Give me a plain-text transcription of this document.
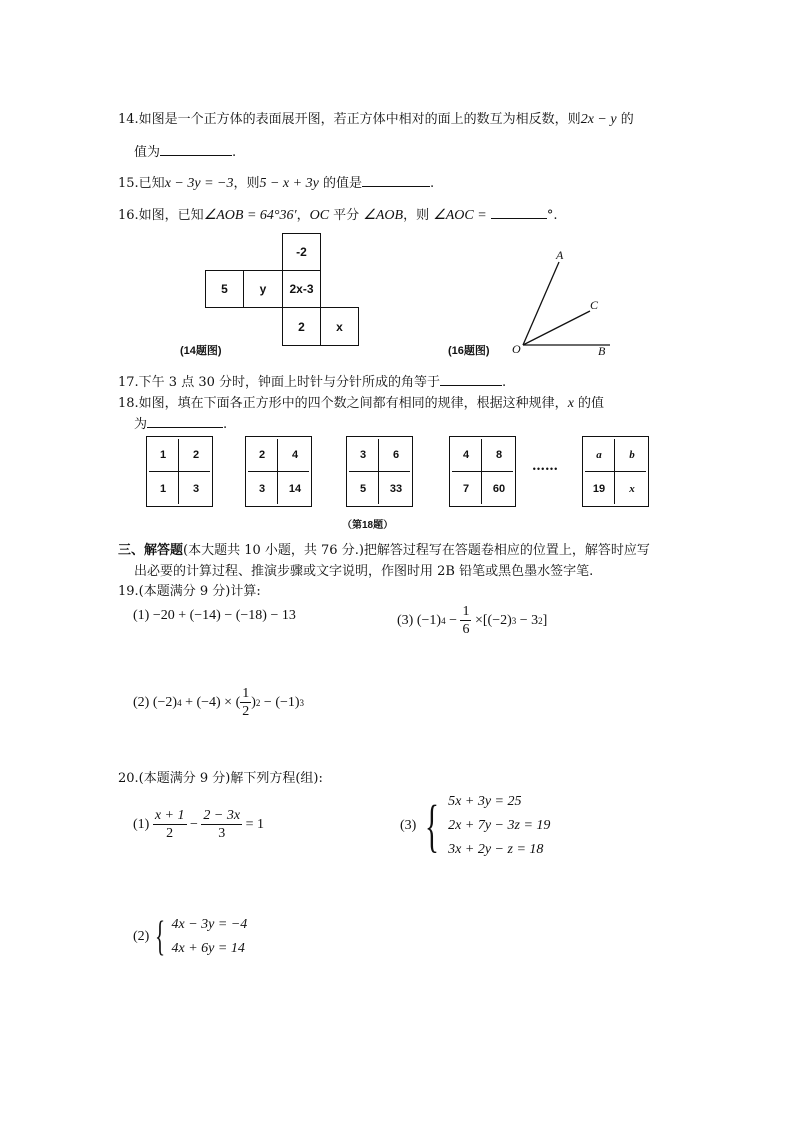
14.如图是一个正方体的表面展开图，若正方体中相对的面上的数互为相反数，则2x − y 的
值为	.
15.已知x − 3y = −3，则5 − x + 3y 的值是	.
16.如图，已知∠AOB = 64°36′，OC 平分 ∠AOB，则 ∠AOC =	°.
-2
5	y	2x-3
2	x
(14题图)
A
C
O	B
(16题图)
17.下午 3 点 30 分时，钟面上时针与分针所成的角等于	.
18.如图，填在下面各正方形中的四个数之间都有相同的规律，根据这种规律，x 的值
为	.
1	2
1	3
2	4
3	14
3	6
5	33
4	8
7	60
……
a	b
19	x
（第18题）
三、解答题(本大题共 10 小题，共 76 分.)把解答过程写在答题卷相应的位置上，解答时应写
出必要的计算过程、推演步骤或文字说明，作图时用 2B 铅笔或黑色墨水签字笔.
19.(本题满分 9 分)计算:
(1) −20 + (−14) − (−18) − 13	(3) (−1) $4 - \frac{1}{6} \times[(-2) 3 - 3$ 2 ]
(2) (−2) 4 + (−4) × ( $\frac{1}{2}$ ) 2 − (−1) 3
20.(本题满分 9 分)解下列方程(组):
(1)
$\frac{x + 1}{2} - \frac{2 - 3x}{3}$
= 1	(3) { 5x + 3y = 25
2x + 7y − 3z = 19
3x + 2y − z = 18
(2) { 4x − 3y = −4
4x + 6y = 14
